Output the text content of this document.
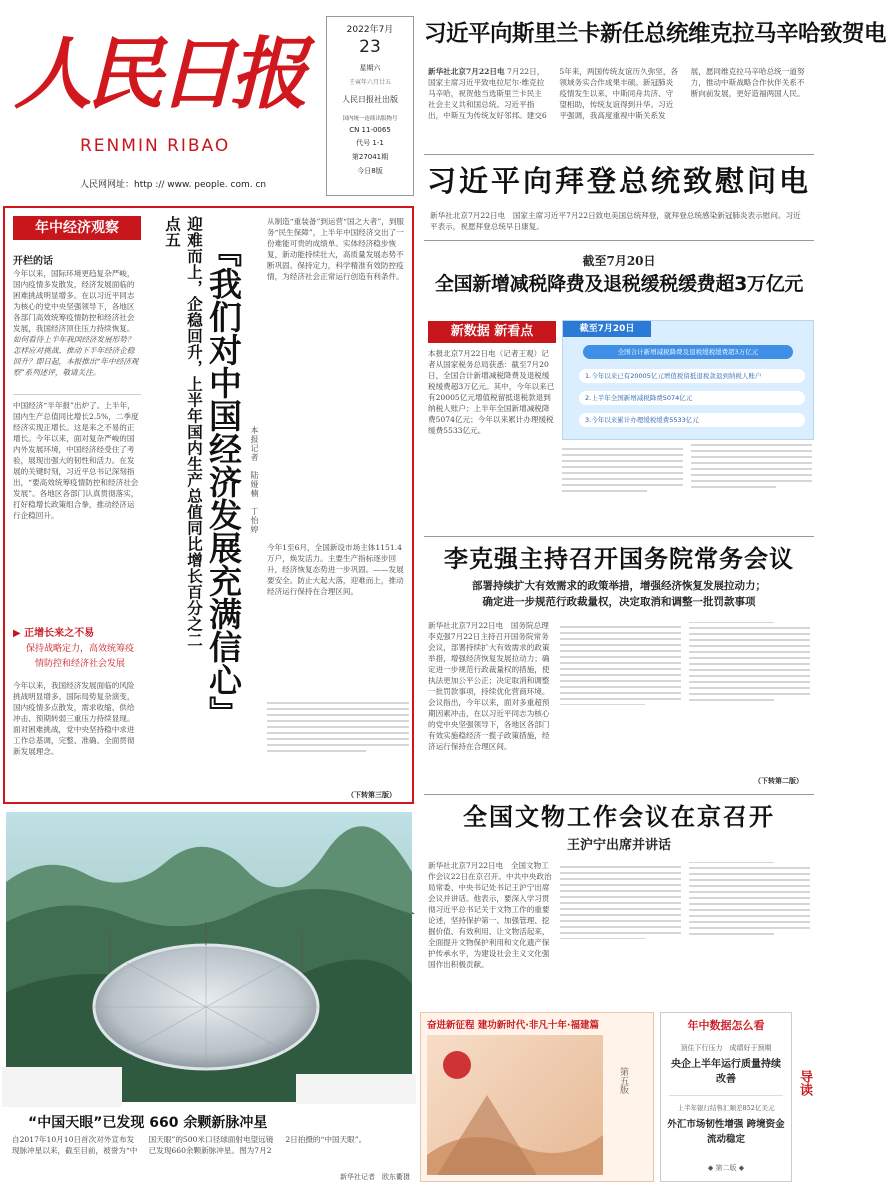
人民日报
RENMIN RIBAO
人民网网址：http :// www. people. com. cn
2022年7月
23
星期六
壬寅年六月廿五
人民日报社出版
国内统一连续出版物号
CN 11-0065
代号 1-1
第27041期
今日8版
习近平向斯里兰卡新任总统维克拉马辛哈致贺电
新华社北京7月22日电 7月22日，国家主席习近平致电拉尼尔·维克拉马辛哈，祝贺他当选斯里兰卡民主社会主义共和国总统。习近平指出，中斯互为传统友好邻邦。建交65年来，两国传统友谊历久弥坚，各领域务实合作成果丰硕。新冠肺炎疫情发生以来，中斯同舟共济、守望相助，传统友谊得到升华。习近平强调，我高度重视中斯关系发展，愿同维克拉马辛哈总统一道努力，推动中斯战略合作伙伴关系不断向前发展，更好造福两国人民。
习近平向拜登总统致慰问电
新华社北京7月22日电　国家主席习近平7月22日致电美国总统拜登，就拜登总统感染新冠肺炎表示慰问。习近平表示，祝愿拜登总统早日康复。
截至7月20日
全国新增减税降费及退税缓税缓费超3万亿元
新数据 新看点
本报北京7月22日电（记者王观）记者从国家税务总局获悉：截至7月20日，全国合计新增减税降费及退税缓税缓费超3万亿元。其中，今年以来已有20005亿元增值税留抵退税款退到纳税人账户；上半年全国新增减税降费5074亿元；今年以来累计办理缓税缓费5533亿元。
截至7月20日
全国合计新增减税降费及退税缓税缓费超3万亿元
1.今年以来已有20005亿元增值税留抵退税款退到纳税人账户
2.上半年全国新增减税降费5074亿元
3.今年以来累计办理缓税缓费5533亿元
年中经济观察
开栏的话
今年以来，国际环境更趋复杂严峻，国内疫情多发散发，经济发展面临的困难挑战明显增多。在以习近平同志为核心的党中央坚强领导下，各地区各部门高效统筹疫情防控和经济社会发展，我国经济顶住压力持续恢复。
如何看待上半年我国经济发展形势？怎样应对挑战、推动下半年经济企稳回升？即日起，本报推出“年中经济观察”系列述评，敬请关注。
中国经济“半年报”出炉了。上半年，国内生产总值同比增长2.5%，二季度经济实现正增长。这是来之不易的正增长。今年以来，面对复杂严峻的国内外发展环境，中国经济经受住了考验，展现出强大的韧性和活力。在发展的关键时刻，习近平总书记深刻指出，“要高效统筹疫情防控和经济社会发展”。各地区各部门认真贯彻落实，打好稳增长政策组合拳，推动经济运行企稳回升。
▶ 正增长来之不易
保持战略定力，高效统筹疫情防控和经济社会发展
今年以来，我国经济发展面临的风险挑战明显增多。国际局势复杂演变，国内疫情多点散发，需求收缩、供给冲击、预期转弱三重压力持续显现。面对困难挑战，党中央坚持稳中求进工作总基调，完整、准确、全面贯彻新发展理念。
迎难而上，企稳回升，上半年国内生产总值同比增长百分之二点五
『我们对中国经济发展充满信心』 本报记者　陆娅楠　丁怡婷
从制造“重装备”到运营“国之大者”，到服务“民生保障”，上半年中国经济交出了一份难能可贵的成绩单。实体经济稳步恢复，新动能持续壮大，高质量发展态势不断巩固。保持定力，科学精准有效防控疫情，为经济社会正常运行创造有利条件。
今年1至6月，全国新设市场主体1151.4万户，焕发活力。主要生产指标逐步回升，经济恢复态势进一步巩固。——发展要安全。防止大起大落，迎难而上，推动经济运行保持在合理区间。
（下转第三版）
李克强主持召开国务院常务会议
部署持续扩大有效需求的政策举措，增强经济恢复发展拉动力；
确定进一步规范行政裁量权，决定取消和调整一批罚款事项
新华社北京7月22日电　国务院总理李克强7月22日主持召开国务院常务会议，部署持续扩大有效需求的政策举措，增强经济恢复发展拉动力；确定进一步规范行政裁量权的措施，使执法更加公平公正；决定取消和调整一批罚款事项，持续优化营商环境。会议指出，今年以来，面对多重超预期因素冲击，在以习近平同志为核心的党中央坚强领导下，各地区各部门有效实施稳经济一揽子政策措施，经济运行保持在合理区间。
（下转第二版）
全国文物工作会议在京召开
王沪宁出席并讲话
新华社北京7月22日电　全国文物工作会议22日在京召开。中共中央政治局常委、中央书记处书记王沪宁出席会议并讲话。他表示，要深入学习贯彻习近平总书记关于文物工作的重要论述，坚持保护第一、加强管理、挖掘价值、有效利用、让文物活起来，全面提升文物保护利用和文化遗产保护传承水平，为建设社会主义文化强国作出积极贡献。
“中国天眼”已发现 660 余颗新脉冲星
自2017年10月10日首次对外宣布发现脉冲星以来，截至目前，被誉为“中国天眼”的500米口径球面射电望远镜已发现660余颗新脉冲星。图为7月22日拍摄的“中国天眼”。
新华社记者　欧东衢摄
奋进新征程 建功新时代·非凡十年·福建篇
第五版
年中数据怎么看
顶住下行压力　成绩好于预期
央企上半年运行质量持续改善
上半年银行结售汇顺差852亿美元
外汇市场韧性增强 跨境资金流动稳定
◆ 第二版 ◆
导读
